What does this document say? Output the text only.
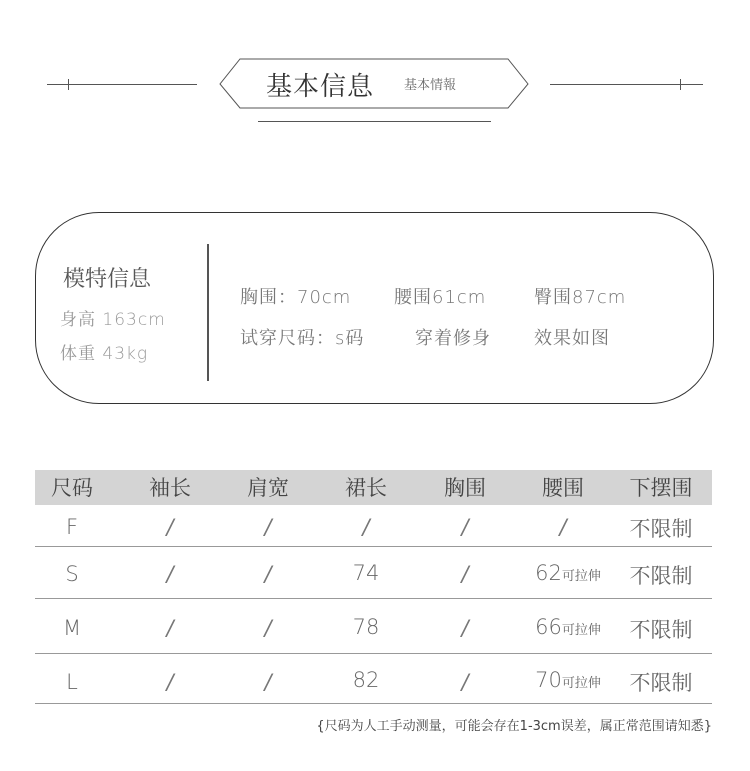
基本信息 基本情報
模特信息
身高 163cm
体重 43kg
胸围：70cm 腰围61cm	臀围87cm
试穿尺码：s码	穿着修身 效果如图
尺码	袖长	肩宽	裙长	胸围	腰围	下摆围
F	/	/	/	/	/	不限制
S	/	/	74	/	62可拉伸	不限制
M	/	/	78	/	66可拉伸	不限制
L	/	/	82	/	70可拉伸	不限制
{尺码为人工手动测量，可能会存在1-3cm误差，属正常范围请知悉}
